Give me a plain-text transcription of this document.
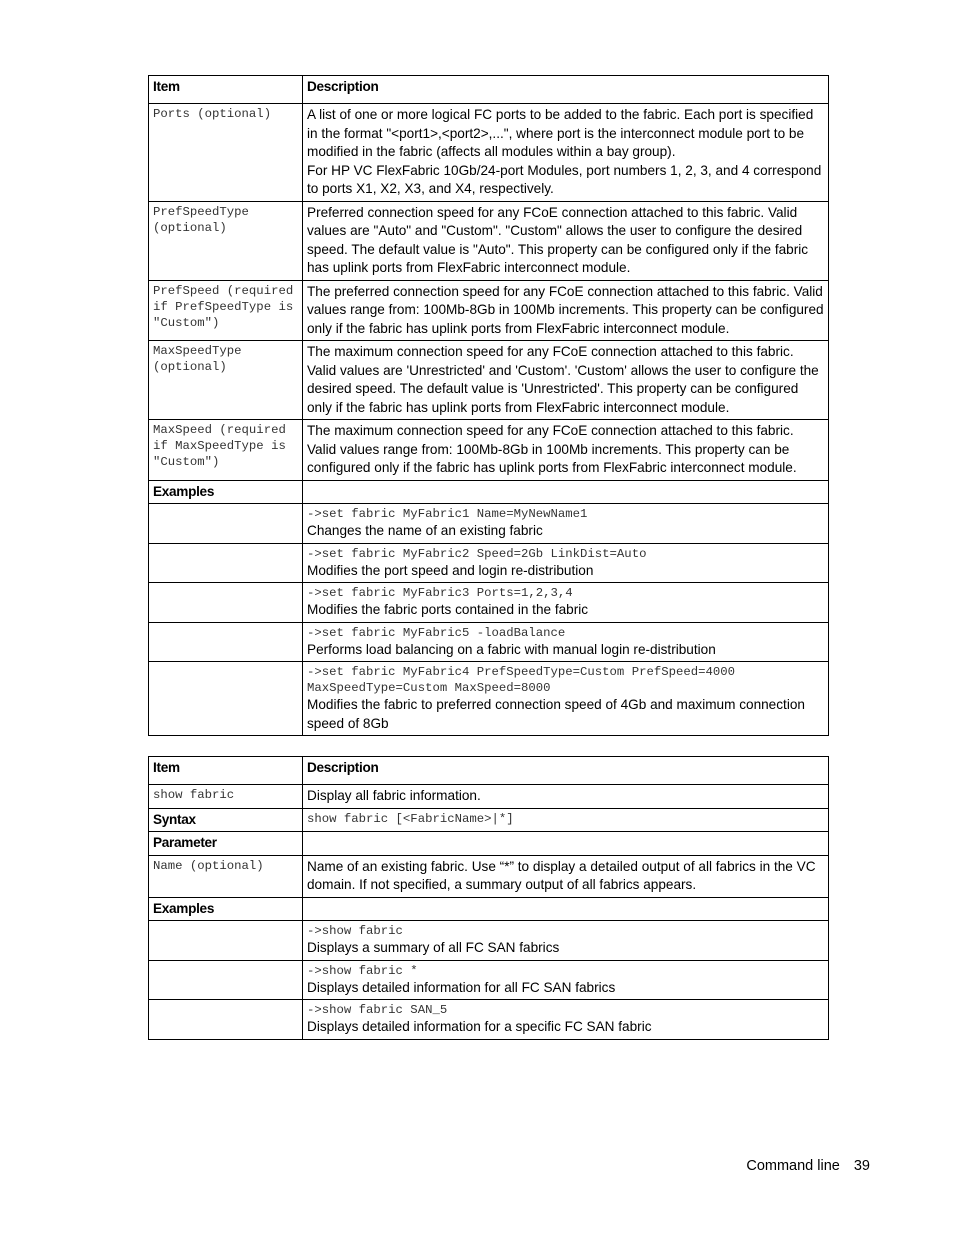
Item	Description

Ports (optional)	A list of one or more logical FC ports to be added to the fabric. Each port is specified in the format "<port1>,<port2>,...", where port is the interconnect module port to be modified in the fabric (affects all modules within a bay group).
For HP VC FlexFabric 10Gb/24-port Modules, port numbers 1, 2, 3, and 4 correspond to ports X1, X2, X3, and X4, respectively.

PrefSpeedType (optional)	Preferred connection speed for any FCoE connection attached to this fabric. Valid values are "Auto" and "Custom". "Custom" allows the user to configure the desired speed. The default value is "Auto". This property can be configured only if the fabric has uplink ports from FlexFabric interconnect module.

PrefSpeed (required if PrefSpeedType is "Custom")	The preferred connection speed for any FCoE connection attached to this fabric. Valid values range from: 100Mb-8Gb in 100Mb increments. This property can be configured only if the fabric has uplink ports from FlexFabric interconnect module.

MaxSpeedType (optional)	The maximum connection speed for any FCoE connection attached to this fabric. Valid values are 'Unrestricted' and 'Custom'. 'Custom' allows the user to configure the desired speed. The default value is 'Unrestricted'. This property can be configured only if the fabric has uplink ports from FlexFabric interconnect module.

MaxSpeed (required if MaxSpeedType is "Custom")	The maximum connection speed for any FCoE connection attached to this fabric. Valid values range from: 100Mb-8Gb in 100Mb increments. This property can be configured only if the fabric has uplink ports from FlexFabric interconnect module.

Examples	

	->set fabric MyFabric1 Name=MyNewName1
Changes the name of an existing fabric

	->set fabric MyFabric2 Speed=2Gb LinkDist=Auto
Modifies the port speed and login re-distribution

	->set fabric MyFabric3 Ports=1,2,3,4
Modifies the fabric ports contained in the fabric

	->set fabric MyFabric5 -loadBalance
Performs load balancing on a fabric with manual login re-distribution

	->set fabric MyFabric4 PrefSpeedType=Custom PrefSpeed=4000
MaxSpeedType=Custom MaxSpeed=8000
Modifies the fabric to preferred connection speed of 4Gb and maximum connection speed of 8Gb
Item	Description

show fabric	Display all fabric information.

Syntax	show fabric [<FabricName>|*]

Parameter	

Name (optional)	Name of an existing fabric. Use “*” to display a detailed output of all fabrics in the VC domain. If not specified, a summary output of all fabrics appears.

Examples	

	->show fabric
Displays a summary of all FC SAN fabrics

	->show fabric *
Displays detailed information for all FC SAN fabrics

	->show fabric SAN_5
Displays detailed information for a specific FC SAN fabric
Command line 39
